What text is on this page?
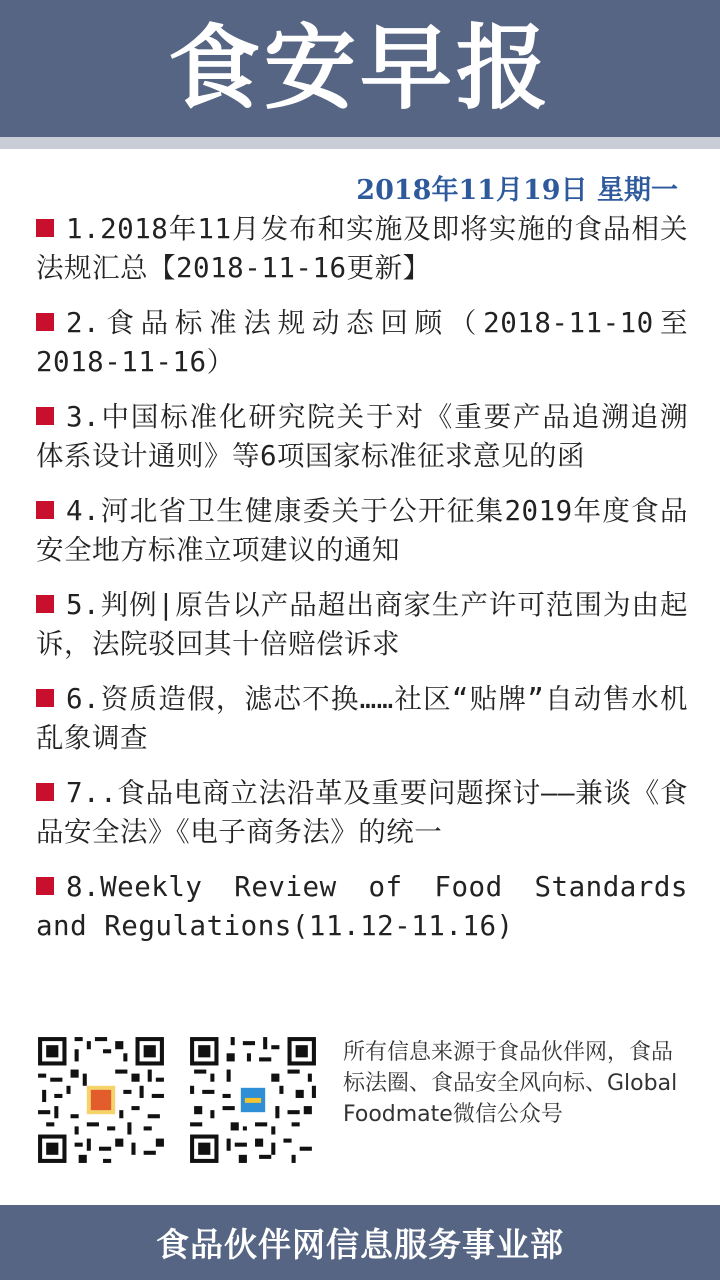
食安早报
2018年11月19日 星期一
1.2018年11月发布和实施及即将实施的食品相关法规汇总【2018-11-16更新】
2.食品标准法规动态回顾（2018-11-10至2018-11-16）
3.中国标准化研究院关于对《重要产品追溯追溯体系设计通则》等6项国家标准征求意见的函
4.河北省卫生健康委关于公开征集2019年度食品安全地方标准立项建议的通知
5.判例|原告以产品超出商家生产许可范围为由起诉，法院驳回其十倍赔偿诉求
6.资质造假，滤芯不换……社区“贴牌”自动售水机乱象调查
7..食品电商立法沿革及重要问题探讨——兼谈《食品安全法》《电子商务法》的统一
8.Weekly Review of Food Standards and Regulations(11.12-11.16)
所有信息来源于食品伙伴网，食品标法圈、食品安全风向标、Global Foodmate微信公众号
食品伙伴网信息服务事业部
